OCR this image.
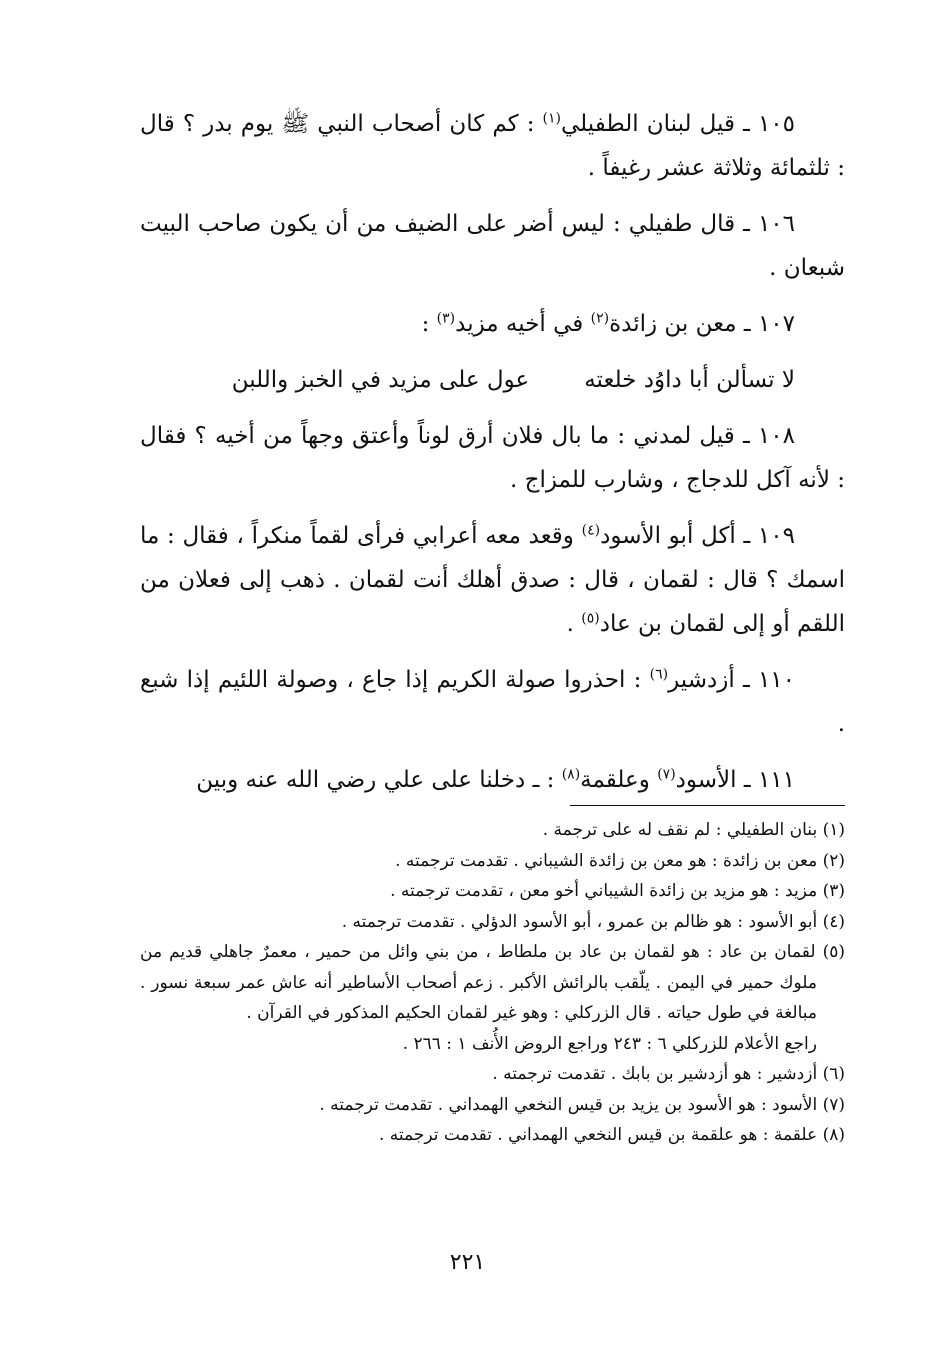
١٠٥ ـ قيل لبنان الطفيلي$^{(١)}$ : كم كان أصحاب النبي ﷺ يوم بدر ؟ قال : ثلثمائة وثلاثة عشر رغيفاً .

١٠٦ ـ قال طفيلي : ليس أضر على الضيف من أن يكون صاحب البيت شبعان .

١٠٧ ـ معن بن زائدة$^{(٢)}$ في أخيه مزيد$^{(٣)}$ :

لا تسألن أبا داوُد خلعته
عول على مزيد في الخبز واللبن

١٠٨ ـ قيل لمدني : ما بال فلان أرق لوناً وأعتق وجهاً من أخيه ؟ فقال : لأنه آكل للدجاج ، وشارب للمزاج .

١٠٩ ـ أكل أبو الأسود$^{(٤)}$ وقعد معه أعرابي فرأى لقماً منكراً ، فقال : ما اسمك ؟ قال : لقمان ، قال : صدق أهلك أنت لقمان . ذهب إلى فعلان من اللقم أو إلى لقمان بن عاد$^{(٥)}$ .

١١٠ ـ أزدشير$^{(٦)}$ : احذروا صولة الكريم إذا جاع ، وصولة اللئيم إذا شبع .

١١١ ـ الأسود$^{(٧)}$ وعلقمة$^{(٨)}$ : ـ دخلنا على علي رضي الله عنه وبين

(١) بنان الطفيلي : لم نقف له على ترجمة .

(٢) معن بن زائدة : هو معن بن زائدة الشيباني . تقدمت ترجمته .

(٣) مزيد : هو مزيد بن زائدة الشيباني أخو معن ، تقدمت ترجمته .

(٤) أبو الأسود : هو ظالم بن عمرو ، أبو الأسود الدؤلي . تقدمت ترجمته .

(٥) لقمان بن عاد : هو لقمان بن عاد بن ملطاط ، من بني وائل من حمير ، معمرٌ جاهلي قديم من ملوك حمير في اليمن . يلّقب بالرائش الأكبر . زعم أصحاب الأساطير أنه عاش عمر سبعة نسور . مبالغة في طول حياته . قال الزركلي : وهو غير لقمان الحكيم المذكور في القرآن .

راجع الأعلام للزركلي ٦ : ٢٤٣ وراجع الروض الأُنف ١ : ٢٦٦ .

(٦) أزدشير : هو أزدشير بن بابك . تقدمت ترجمته .

(٧) الأسود : هو الأسود بن يزيد بن قيس النخعي الهمداني . تقدمت ترجمته .

(٨) علقمة : هو علقمة بن قيس النخعي الهمداني . تقدمت ترجمته .

٢٢١
